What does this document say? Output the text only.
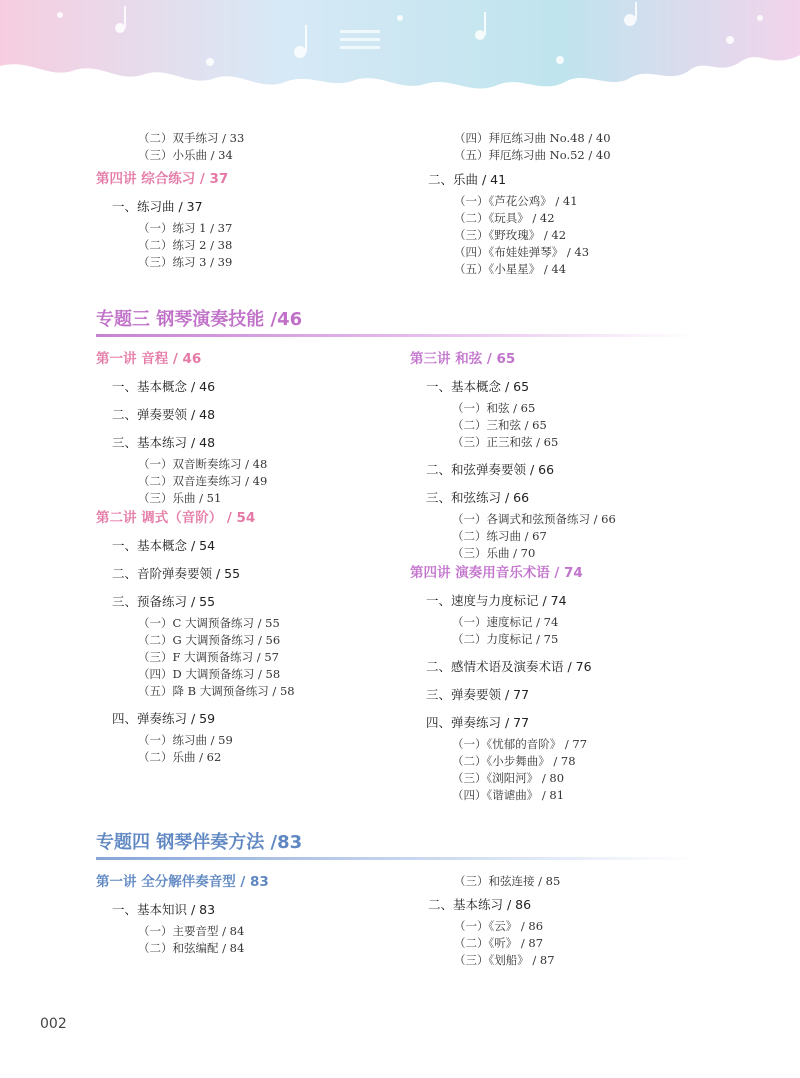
（二）双手练习 / 33
（三）小乐曲 / 34
第四讲 综合练习 / 37
一、练习曲 / 37
（一）练习 1 / 37
（二）练习 2 / 38
（三）练习 3 / 39
（四）拜厄练习曲 No.48 / 40
（五）拜厄练习曲 No.52 / 40
二、乐曲 / 41
（一）《芦花公鸡》 / 41
（二）《玩具》 / 42
（三）《野玫瑰》 / 42
（四）《布娃娃弹琴》 / 43
（五）《小星星》 / 44
专题三 钢琴演奏技能 /46
第一讲 音程 / 46
一、基本概念 / 46
二、弹奏要领 / 48
三、基本练习 / 48
（一）双音断奏练习 / 48
（二）双音连奏练习 / 49
（三）乐曲 / 51
第二讲 调式（音阶） / 54
一、基本概念 / 54
二、音阶弹奏要领 / 55
三、预备练习 / 55
（一）C 大调预备练习 / 55
（二）G 大调预备练习 / 56
（三）F 大调预备练习 / 57
（四）D 大调预备练习 / 58
（五）降 B 大调预备练习 / 58
四、弹奏练习 / 59
（一）练习曲 / 59
（二）乐曲 / 62
第三讲 和弦 / 65
一、基本概念 / 65
（一）和弦 / 65
（二）三和弦 / 65
（三）正三和弦 / 65
二、和弦弹奏要领 / 66
三、和弦练习 / 66
（一）各调式和弦预备练习 / 66
（二）练习曲 / 67
（三）乐曲 / 70
第四讲 演奏用音乐术语 / 74
一、速度与力度标记 / 74
（一）速度标记 / 74
（二）力度标记 / 75
二、感情术语及演奏术语 / 76
三、弹奏要领 / 77
四、弹奏练习 / 77
（一）《忧郁的音阶》 / 77
（二）《小步舞曲》 / 78
（三）《浏阳河》 / 80
（四）《谐谑曲》 / 81
专题四 钢琴伴奏方法 /83
第一讲 全分解伴奏音型 / 83
一、基本知识 / 83
（一）主要音型 / 84
（二）和弦编配 / 84
（三）和弦连接 / 85
二、基本练习 / 86
（一）《云》 / 86
（二）《听》 / 87
（三）《划船》 / 87
002
